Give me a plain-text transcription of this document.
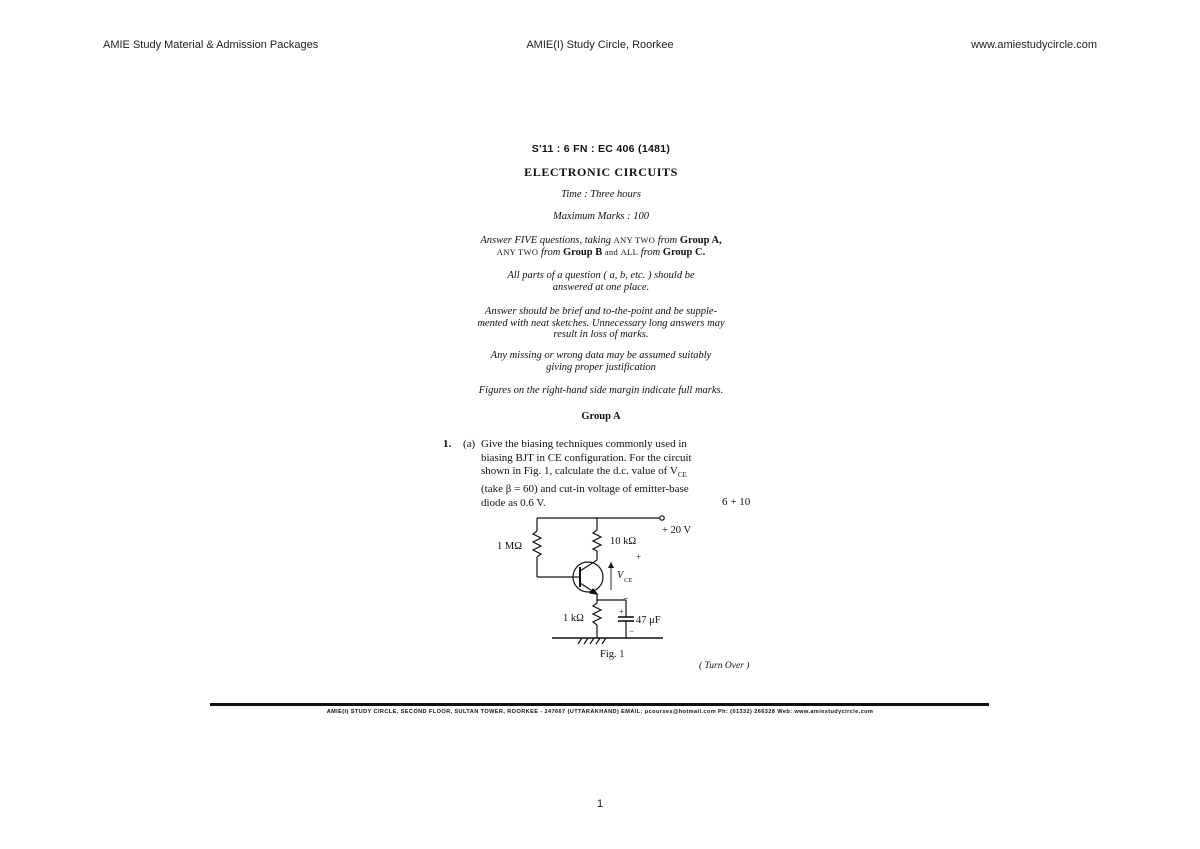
AMIE Study Material & Admission Packages	AMIE(I) Study Circle, Roorkee	www.amiestudycircle.com
S'11 : 6 FN : EC 406 (1481)
ELECTRONIC CIRCUITS
Time : Three hours
Maximum Marks : 100
Answer FIVE questions, taking ANY TWO from Group A,
ANY TWO from Group B and ALL from Group C.
All parts of a question ( a, b, etc. ) should be
answered at one place.
Answer should be brief and to-the-point and be supple-
mented with neat sketches. Unnecessary long answers may
result in loss of marks.
Any missing or wrong data may be assumed suitably
giving proper justification
Figures on the right-hand side margin indicate full marks.
Group A
1. (a) Give the biasing techniques commonly used in
biasing BJT in CE configuration. For the circuit
shown in Fig. 1, calculate the d.c. value of $V_{CE}$
(take β = 60) and cut-in voltage of emitter-base
diode as 0.6 V.	6 + 10
+ 20 V
1 MΩ	10 kΩ
1 kΩ	47 μF
V CE
+
−
+
−
Fig. 1
( Turn Over )
AMIE(I) STUDY CIRCLE, SECOND FLOOR, SULTAN TOWER, ROORKEE - 247667 (UTTARAKHAND) EMAIL: pcourses@hotmail.com Ph: (01332) 266328 Web: www.amiestudycircle.com
1
